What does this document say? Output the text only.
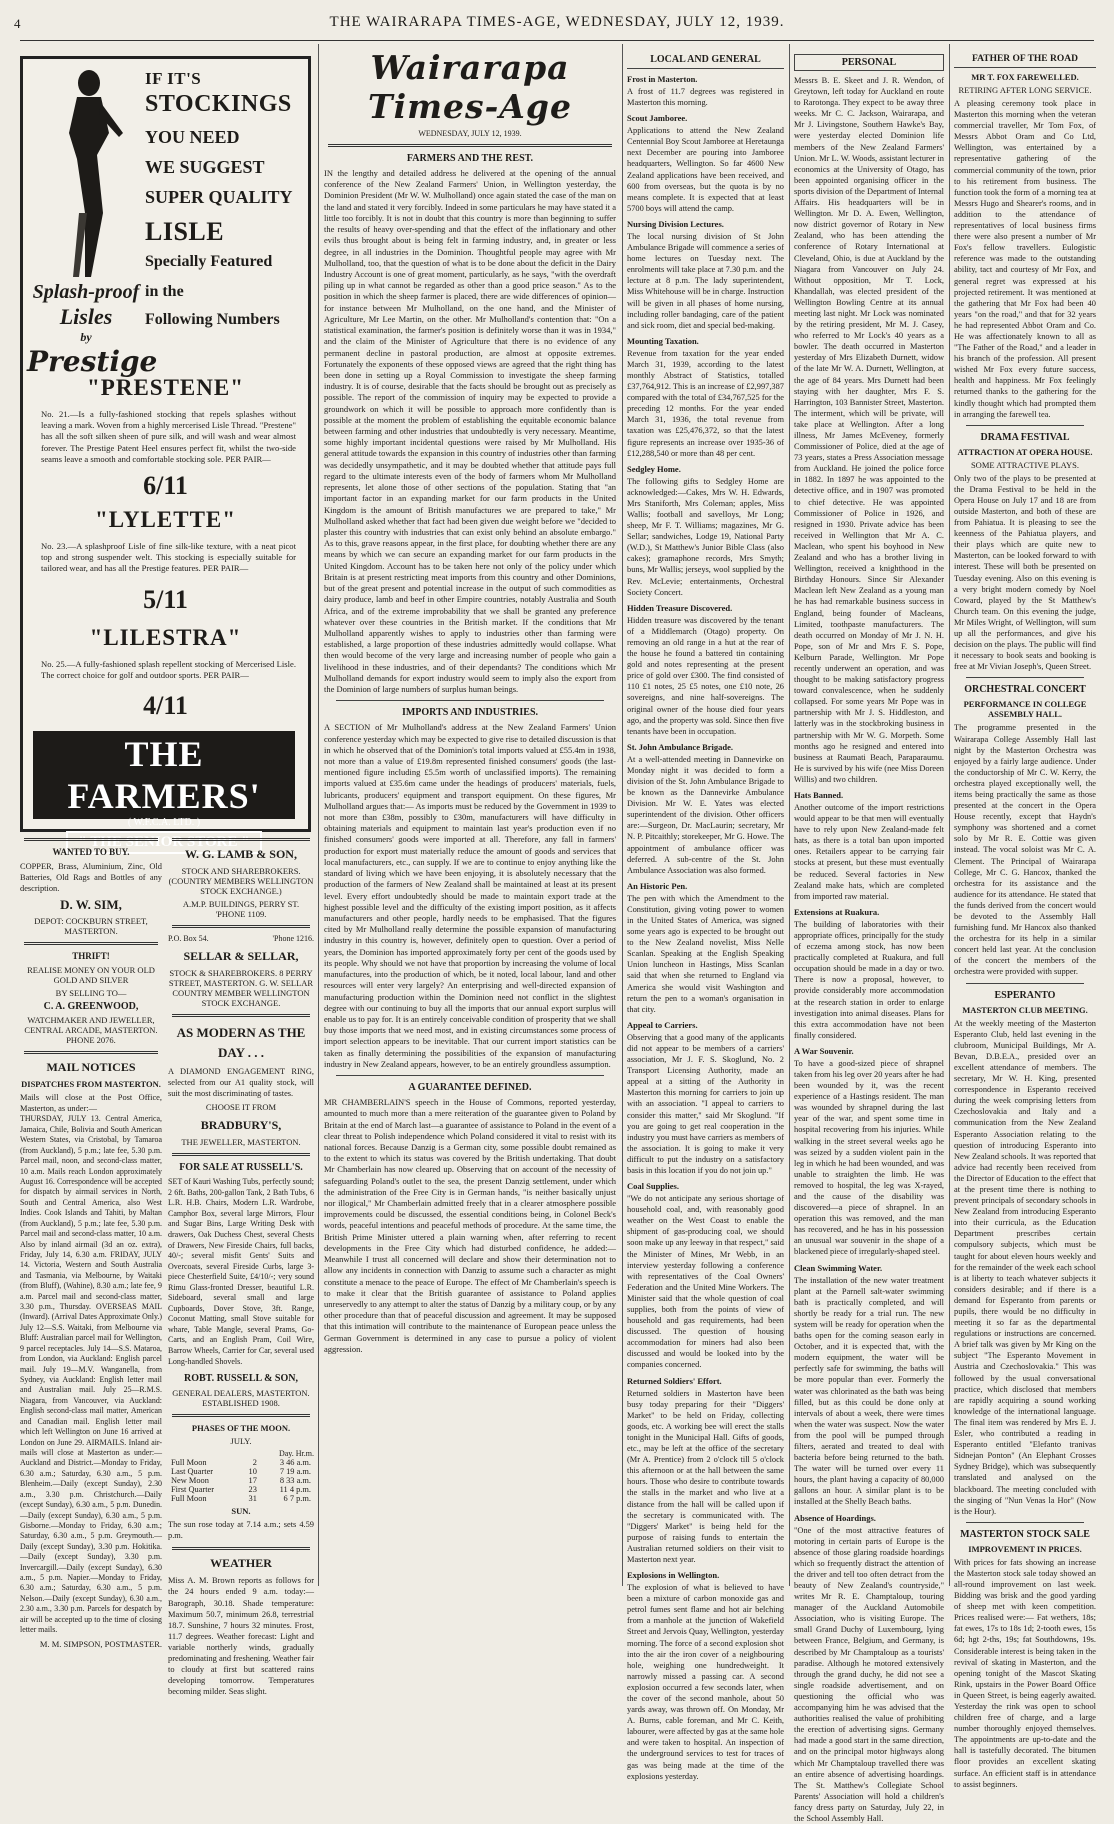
4	THE WAIRARAPA TIMES-AGE, WEDNESDAY, JULY 12, 1939.
IF IT'S
STOCKINGS
YOU NEED
WE SUGGEST
SUPER QUALITY
LISLE
Specially Featured
in the
Following Numbers
Splash-proof
Lisles
by
Prestige
"PRESTENE"
No. 21.—Is a fully-fashioned stocking that repels splashes without leaving a mark. Woven from a highly mercerised Lisle Thread. "Prestene" has all the soft silken sheen of pure silk, and will wash and wear almost forever. The Prestige Patent Heel ensures perfect fit, whilst the two-side seams leave a smooth and comfortable stocking sole. PER PAIR—
6/11
"LYLETTE"
No. 23.—A splashproof Lisle of fine silk-like texture, with a neat picot top and strong suspender welt. This stocking is especially suitable for tailored wear, and has all the Prestige features. PER PAIR—
5/11
"LILESTRA"
No. 25.—A fully-fashioned splash repellent stocking of Mercerised Lisle. The correct choice for golf and outdoor sports. PER PAIR—
4/11
THE FARMERS'
( W.F.C.A. LTD. )
" THE SENIOR STORE "
WANTED TO BUY.

COPPER, Brass, Aluminium, Zinc, Old Batteries, Old Rags and Bottles of any description.

D. W. SIM,
DEPOT: COCKBURN STREET, MASTERTON.
THRIFT!
REALISE MONEY ON YOUR OLD GOLD AND SILVER
BY SELLING TO—
C. A. GREENWOOD,
WATCHMAKER AND JEWELLER, CENTRAL ARCADE, MASTERTON. PHONE 2076.
MAIL NOTICES
DISPATCHES FROM MASTERTON.

Mails will close at the Post Office, Masterton, as under:—

THURSDAY, JULY 13. Central America, Jamaica, Chile, Bolivia and South American Western States, via Cristobal, by Tamaroa (from Auckland), 5 p.m.; late fee, 5.30 p.m. Parcel mail, noon, and second-class matter, 10 a.m. Mails reach London approximately August 16. Correspondence will be accepted for dispatch by airmail services in North, South and Central America, also West Indies. Cook Islands and Tahiti, by Maltan (from Auckland), 5 p.m.; late fee, 5.30 p.m. Parcel mail and second-class matter, 10 a.m. Also by inland airmail (3d an oz. extra), Friday, July 14, 6.30 a.m. FRIDAY, JULY 14. Victoria, Western and South Australia and Tasmania, via Melbourne, by Waitaki (from Bluff), (Wahine), 8.30 a.m.; late fee, 9 a.m. Parcel mail and second-class matter, 3.30 p.m., Thursday. OVERSEAS MAIL (Inward). (Arrival Dates Approximate Only.) July 12—S.S. Waitaki, from Melbourne via Bluff: Australian parcel mail for Wellington, 9 parcel receptacles. July 14—S.S. Mataroa, from London, via Auckland: English parcel mail. July 19—M.V. Wanganella, from Sydney, via Auckland: English letter mail and Australian mail. July 25—R.M.S. Niagara, from Vancouver, via Auckland: English second-class mail matter, American and Canadian mail. English letter mail which left Wellington on June 16 arrived at London on June 29. AIRMAILS. Inland air-mails will close at Masterton as under:— Auckland and District.—Monday to Friday, 6.30 a.m.; Saturday, 6.30 a.m., 5 p.m. Blenheim.—Daily (except Sunday), 2.30 a.m., 3.30 p.m. Christchurch.—Daily (except Sunday), 6.30 a.m., 5 p.m. Dunedin.—Daily (except Sunday), 6.30 a.m., 5 p.m. Gisborne.—Monday to Friday, 6.30 a.m.; Saturday, 6.30 a.m., 5 p.m. Greymouth.—Daily (except Sunday), 3.30 p.m. Hokitika.—Daily (except Sunday), 3.30 p.m. Invercargill.—Daily (except Sunday), 6.30 a.m., 5 p.m. Napier.—Monday to Friday, 6.30 a.m.; Saturday, 6.30 a.m., 5 p.m. Nelson.—Daily (except Sunday), 6.30 a.m., 2.30 a.m., 3.30 p.m. Parcels for despatch by air will be accepted up to the time of closing letter mails.

M. M. SIMPSON, POSTMASTER.
W. G. LAMB & SON,
STOCK AND SHAREBROKERS. (COUNTRY MEMBERS WELLINGTON STOCK EXCHANGE.)
A.M.P. BUILDINGS, PERRY ST. 'PHONE 1109.
P.O. Box 54.	'Phone 1216.
SELLAR & SELLAR,
STOCK & SHAREBROKERS. 8 PERRY STREET, MASTERTON. G. W. SELLAR COUNTRY MEMBER WELLINGTON STOCK EXCHANGE.
AS MODERN AS THE DAY . . .

A DIAMOND ENGAGEMENT RING, selected from our A1 quality stock, will suit the most discriminating of tastes.

CHOOSE IT FROM
BRADBURY'S,
THE JEWELLER, MASTERTON.
FOR SALE AT RUSSELL'S.

SET of Kauri Washing Tubs, perfectly sound; 2 6ft. Baths, 200-gallon Tank, 2 Bath Tubs, 6 L.R. H.B. Chairs, Modern L.R. Wardrobe, Camphor Box, several large Mirrors, Flour and Sugar Bins, Large Writing Desk with drawers, Oak Duchess Chest, several Chests of Drawers, New Fireside Chairs, full backs, 40/-; several misfit Gents' Suits and Overcoats, several Fireside Curbs, large 3-piece Chesterfield Suite, £4/10/-; very sound Rimu Glass-fronted Dresser, beautiful L.R. Sideboard, several small and large Cupboards, Dover Stove, 3ft. Range, Coconut Matting, small Stove suitable for whare, Table Mangle, several Prams, Go-Carts, and an English Pram, Coil Wire, Barrow Wheels, Carrier for Car, several used Long-handled Shovels.

ROBT. RUSSELL & SON,
GENERAL DEALERS, MASTERTON. ESTABLISHED 1908.
PHASES OF THE MOON.
JULY.
Day. Hr.m.
Full Moon	2	3 46 a.m.
Last Quarter	10	7 19 a.m.
New Moon	17	8 33 a.m.
First Quarter	23	11 4 p.m.
Full Moon	31	6 7 p.m.
SUN.

The sun rose today at 7.14 a.m.; sets 4.59 p.m.

WEATHER

Miss A. M. Brown reports as follows for the 24 hours ended 9 a.m. today:— Barograph, 30.18. Shade temperature: Maximum 50.7, minimum 26.8, terrestrial 18.7. Sunshine, 7 hours 32 minutes. Frost, 11.7 degrees. Weather forecast: Light and variable northerly winds, gradually predominating and freshening. Weather fair to cloudy at first but scattered rains developing tomorrow. Temperatures becoming milder. Seas slight.

Wairarapa Times-Age
WEDNESDAY, JULY 12, 1939.
FARMERS AND THE REST.

IN the lengthy and detailed address he delivered at the opening of the annual conference of the New Zealand Farmers' Union, in Wellington yesterday, the Dominion President (Mr W. W. Mulholland) once again stated the case of the man on the land and stated it very forcibly. Indeed in some particulars he may have stated it a little too forcibly. It is not in doubt that this country is more than beginning to suffer the results of heavy over-spending and that the effect of the inflationary and other evils thus brought about is being felt in farming industry, and, in greater or less degree, in all industries in the Dominion. Thoughtful people may agree with Mr Mulholland, too, that the question of what is to be done about the deficit in the Dairy Industry Account is one of great moment, particularly, as he says, "with the overdraft piling up in what cannot be regarded as other than a good price season." As to the position in which the sheep farmer is placed, there are wide differences of opinion—for instance between Mr Mulholland, on the one hand, and the Minister of Agriculture, Mr Lee Martin, on the other. Mr Mulholland's contention that: "On a statistical examination, the farmer's position is definitely worse than it was in 1934," and the claim of the Minister of Agriculture that there is no evidence of any permanent decline in pastoral production, are almost at opposite extremes. Fortunately the exponents of these opposed views are agreed that the right thing has been done in setting up a Royal Commission to investigate the sheep farming industry. It is of course, desirable that the facts should be brought out as precisely as possible. The report of the commission of inquiry may be expected to provide a groundwork on which it will be possible to approach more confidently than is possible at the moment the problem of establishing the equitable economic balance between farming and other industries that undoubtedly is very necessary. Meantime, some highly important incidental questions were raised by Mr Mulholland. His general attitude towards the expansion in this country of industries other than farming was decidedly unsympathetic, and it may be doubted whether that attitude pays full regard to the ultimate interests even of the body of farmers whom Mr Mulholland represents, let alone those of other sections of the population. Stating that "an important factor in an expanding market for our farm products in the United Kingdom is the amount of British manufactures we are prepared to take," Mr Mulholland asked whether that fact had been given due weight before we "decided to plaster this country with industries that can exist only behind an absolute embargo." As to this, grave reasons appear, in the first place, for doubting whether there are any means by which we can secure an expanding market for our farm products in the United Kingdom. Account has to be taken here not only of the policy under which Britain is at present restricting meat imports from this country and other Dominions, but of the great present and potential increase in the output of such commodities as dairy produce, lamb and beef in other Empire countries, notably Australia and South Africa, and of the extreme improbability that we shall be granted any preference whatever over these countries in the British market. If the conditions that Mr Mulholland apparently wishes to apply to industries other than farming were established, a large proportion of these industries admittedly would collapse. What then would become of the very large and increasing number of people who gain a livelihood in these industries, and of their dependants? The conditions which Mr Mulholland demands for export industry would seem to imply also the export from the Dominion of large numbers of surplus human beings.

IMPORTS AND INDUSTRIES.

A SECTION of Mr Mulholland's address at the New Zealand Farmers' Union conference yesterday which may be expected to give rise to detailed discussion is that in which he observed that of the Dominion's total imports valued at £55.4m in 1938, not more than a value of £19.8m represented finished consumers' goods (the last-mentioned figure including £5.5m worth of unclassified imports). The remaining imports valued at £35.6m came under the headings of producers' materials, fuels, lubricants, producers' equipment and transport equipment. On these figures, Mr Mulholland argues that:— As imports must be reduced by the Government in 1939 to not more than £38m, possibly to £30m, manufacturers will have difficulty in obtaining materials and equipment to maintain last year's production even if no finished consumers' goods were imported at all. Therefore, any fall in farmers' production for export must materially reduce the amount of goods and services that local manufacturers, etc., can supply. If we are to continue to enjoy anything like the standard of living which we have been enjoying, it is absolutely necessary that the production of the farmers of New Zealand shall be maintained at least at its present level. Every effort undoubtedly should be made to maintain export trade at the highest possible level and the difficulty of the existing import position, as it affects manufacturers and other people, hardly needs to be emphasised. That the figures cited by Mr Mulholland really determine the possible expansion of manufacturing industry in this country is, however, definitely open to question. Over a period of years, the Dominion has imported approximately forty per cent of the goods used by its people. Why should we not have that proportion by increasing the volume of local manufactures, into the production of which, be it noted, local labour, land and other resources will enter very largely? An enterprising and well-directed expansion of manufacturing production within the Dominion need not conflict in the slightest degree with our continuing to buy all the imports that our annual export surplus will enable us to pay for. It is an entirely conceivable condition of prosperity that we shall buy those imports that we need most, and in existing circumstances some process of import selection appears to be inevitable. That our current import statistics can be taken as finally determining the possibilities of the expansion of manufacturing industry in New Zealand appears, however, to be an entirely groundless assumption.

A GUARANTEE DEFINED.

MR CHAMBERLAIN'S speech in the House of Commons, reported yesterday, amounted to much more than a mere reiteration of the guarantee given to Poland by Britain at the end of March last—a guarantee of assistance to Poland in the event of a clear threat to Polish independence which Poland considered it vital to resist with its national forces. Because Danzig is a German city, some possible doubt remained as to the extent to which its status was covered by the British undertaking. That doubt Mr Chamberlain has now cleared up. Observing that on account of the necessity of safeguarding Poland's outlet to the sea, the present Danzig settlement, under which the administration of the Free City is in German hands, "is neither basically unjust nor illogical," Mr Chamberlain admitted freely that in a clearer atmosphere possible improvements could be discussed, the essential conditions being, in Colonel Beck's words, peaceful intentions and peaceful methods of procedure. At the same time, the British Prime Minister uttered a plain warning when, after referring to recent developments in the Free City which had disturbed confidence, he added:— Meanwhile I trust all concerned will declare and show their determination not to allow any incidents in connection with Danzig to assume such a character as might constitute a menace to the peace of Europe. The effect of Mr Chamberlain's speech is to make it clear that the British guarantee of assistance to Poland applies unreservedly to any attempt to alter the status of Danzig by a military coup, or by any other procedure than that of peaceful discussion and agreement. It may be supposed that this intimation will contribute to the maintenance of European peace unless the German Government is determined in any case to pursue a policy of violent aggression.

LOCAL AND GENERAL
Frost in Masterton.

A frost of 11.7 degrees was registered in Masterton this morning.

Scout Jamboree.

Applications to attend the New Zealand Centennial Boy Scout Jamboree at Heretaunga next December are pouring into Jamboree headquarters, Wellington. So far 4600 New Zealand applications have been received, and 600 from overseas, but the quota is by no means complete. It is expected that at least 5700 boys will attend the camp.

Nursing Division Lectures.

The local nursing division of St John Ambulance Brigade will commence a series of home lectures on Tuesday next. The enrolments will take place at 7.30 p.m. and the lecture at 8 p.m. The lady superintendent, Miss Whitehouse will be in charge. Instruction will be given in all phases of home nursing, including roller bandaging, care of the patient and sick room, diet and special bed-making.

Mounting Taxation.

Revenue from taxation for the year ended March 31, 1939, according to the latest monthly Abstract of Statistics, totalled £37,764,912. This is an increase of £2,997,387 compared with the total of £34,767,525 for the preceding 12 months. For the year ended March 31, 1936, the total revenue from taxation was £25,476,372, so that the latest figure represents an increase over 1935-36 of £12,288,540 or more than 48 per cent.

Sedgley Home.

The following gifts to Sedgley Home are acknowledged:—Cakes, Mrs W. H. Edwards, Mrs Staniforth, Mrs Coleman; apples, Miss Wallis; football and savelloys, Mr Long; sheep, Mr F. T. Williams; magazines, Mr G. Sellar; sandwiches, Lodge 19, National Party (W.D.), St Matthew's Junior Bible Class (also cakes); gramaphone records, Mrs Smyth; buns, Mr Wallis; jerseys, wool supplied by the Rev. McLevie; entertainments, Orchestral Society Concert.

Hidden Treasure Discovered.

Hidden treasure was discovered by the tenant of a Middlemarch (Otago) property. On removing an old range in a hut at the rear of the house he found a battered tin containing gold and notes representing at the present price of gold over £300. The find consisted of 110 £1 notes, 25 £5 notes, one £10 note, 26 sovereigns, and nine half-sovereigns. The original owner of the house died four years ago, and the property was sold. Since then five tenants have been in occupation.

St. John Ambulance Brigade.

At a well-attended meeting in Dannevirke on Monday night it was decided to form a division of the St. John Ambulance Brigade to be known as the Dannevirke Ambulance Division. Mr W. E. Yates was elected superintendent of the division. Other officers are:—Surgeon, Dr. MacLaurin; secretary, Mr N. P. Pitcaithly; storekeeper, Mr G. Howe. The appointment of ambulance officer was deferred. A sub-centre of the St. John Ambulance Association was also formed.

An Historic Pen.

The pen with which the Amendment to the Constitution, giving voting power to women in the United States of America, was signed some years ago is expected to be brought out to the New Zealand novelist, Miss Nelle Scanlan. Speaking at the English Speaking Union luncheon in Hastings, Miss Scanlan said that when she returned to England via America she would visit Washington and return the pen to a woman's organisation in that city.

Appeal to Carriers.

Observing that a good many of the applicants did not appear to be members of a carriers' association, Mr J. F. S. Skoglund, No. 2 Transport Licensing Authority, made an appeal at a sitting of the Authority in Masterton this morning for carriers to join up with an association. "I appeal to carriers to consider this matter," said Mr Skoglund. "If you are going to get real cooperation in the industry you must have carriers as members of the association. It is going to make it very difficult to put the industry on a satisfactory basis in this location if you do not join up."

Coal Supplies.

"We do not anticipate any serious shortage of household coal, and, with reasonably good weather on the West Coast to enable the shipment of gas-producing coal, we should soon make up any leeway in that respect," said the Minister of Mines, Mr Webb, in an interview yesterday following a conference with representatives of the Coal Owners' Federation and the United Mine Workers. The Minister said that the whole question of coal supplies, both from the points of view of household and gas requirements, had been discussed. The question of housing accommodation for miners had also been discussed and would be looked into by the companies concerned.

Returned Soldiers' Effort.

Returned soldiers in Masterton have been busy today preparing for their "Diggers' Market" to be held on Friday, collecting goods, etc. A working bee will erect the stalls tonight in the Municipal Hall. Gifts of goods, etc., may be left at the office of the secretary (Mr A. Prentice) from 2 o'clock till 5 o'clock this afternoon or at the hall between the same hours. Those who desire to contribute towards the stalls in the market and who live at a distance from the hall will be called upon if the secretary is communicated with. The "Diggers' Market" is being held for the purpose of raising funds to entertain the Australian returned soldiers on their visit to Masterton next year.

Explosions in Wellington.

The explosion of what is believed to have been a mixture of carbon monoxide gas and petrol fumes sent flame and hot air belching from a manhole at the junction of Wakefield Street and Jervois Quay, Wellington, yesterday morning. The force of a second explosion shot into the air the iron cover of a neighbouring hole, weighing one hundredweight. It narrowly missed a passing car. A second explosion occurred a few seconds later, when the cover of the second manhole, about 50 yards away, was thrown off. On Monday, Mr A. Burns, cable foreman, and Mr C. Keith, labourer, were affected by gas at the same hole and were taken to hospital. An inspection of the underground services to test for traces of gas was being made at the time of the explosions yesterday.

PERSONAL

Messrs B. E. Skeet and J. R. Wendon, of Greytown, left today for Auckland en route to Rarotonga. They expect to be away three weeks. Mr C. C. Jackson, Wairarapa, and Mr J. Livingstone, Southern Hawke's Bay, were yesterday elected Dominion life members of the New Zealand Farmers' Union. Mr L. W. Woods, assistant lecturer in economics at the University of Otago, has been appointed organising officer in the sports division of the Department of Internal Affairs. His headquarters will be in Wellington. Mr D. A. Ewen, Wellington, now district governor of Rotary in New Zealand, who has been attending the conference of Rotary International at Cleveland, Ohio, is due at Auckland by the Niagara from Vancouver on July 24. Without opposition, Mr T. Lock, Khandallah, was elected president of the Wellington Bowling Centre at its annual meeting last night. Mr Lock was nominated by the retiring president, Mr M. J. Casey, who referred to Mr Lock's 40 years as a bowler. The death occurred in Masterton yesterday of Mrs Elizabeth Durnett, widow of the late Mr W. A. Durnett, Wellington, at the age of 84 years. Mrs Durnett had been staying with her daughter, Mrs F. S. Harrington, 103 Bannister Street, Masterton. The interment, which will be private, will take place at Wellington. After a long illness, Mr James McEveney, formerly Commissioner of Police, died at the age of 73 years, states a Press Association message from Auckland. He joined the police force in 1882. In 1897 he was appointed to the detective office, and in 1907 was promoted to chief detective. He was appointed Commissioner of Police in 1926, and resigned in 1930. Private advice has been received in Wellington that Mr A. C. Maclean, who spent his boyhood in New Zealand and who has a brother living in Wellington, received a knighthood in the Birthday Honours. Since Sir Alexander Maclean left New Zealand as a young man he has had remarkable business success in England, being founder of Macleans, Limited, toothpaste manufacturers. The death occurred on Monday of Mr J. N. H. Pope, son of Mr and Mrs F. S. Pope, Kelburn Parade, Wellington. Mr Pope recently underwent an operation, and was thought to be making satisfactory progress toward convalescence, when he suddenly collapsed. For some years Mr Pope was in partnership with Mr J. S. Hiddleston, and latterly was in the stockbroking business in partnership with Mr W. G. Morpeth. Some months ago he resigned and entered into business at Raumati Beach, Paraparaumu. He is survived by his wife (nee Miss Doreen Willis) and two children.

Hats Banned.

Another outcome of the import restrictions would appear to be that men will eventually have to rely upon New Zealand-made felt hats, as there is a total ban upon imported ones. Retailers appear to be carrying fair stocks at present, but these must eventually be reduced. Several factories in New Zealand make hats, which are completed from imported raw material.

Extensions at Ruakura.

The building of laboratories with their appropriate offices, principally for the study of eczema among stock, has now been practically completed at Ruakura, and full occupation should be made in a day or two. There is now a proposal, however, to provide considerably more accommodation at the research station in order to enlarge investigation into animal diseases. Plans for this extra accommodation have not been finally considered.

A War Souvenir.

To have a good-sized piece of shrapnel taken from his leg over 20 years after he had been wounded by it, was the recent experience of a Hastings resident. The man was wounded by shrapnel during the last year of the war, and spent some time in hospital recovering from his injuries. While walking in the street several weeks ago he was seized by a sudden violent pain in the leg in which he had been wounded, and was unable to straighten the limb. He was removed to hospital, the leg was X-rayed, and the cause of the disability was discovered—a piece of shrapnel. In an operation this was removed, and the man has recovered, and he has in his possession an unusual war souvenir in the shape of a blackened piece of irregularly-shaped steel.

Clean Swimming Water.

The installation of the new water treatment plant at the Parnell salt-water swimming bath is practically completed, and will shortly be ready for a trial run. The new system will be ready for operation when the baths open for the coming season early in October, and it is expected that, with the modern equipment, the water will be perfectly safe for swimming, the baths will be more popular than ever. Formerly the water was chlorinated as the bath was being filled, but as this could be done only at intervals of about a week, there were times when the water was suspect. Now the water from the pool will be pumped through filters, aerated and treated to deal with bacteria before being returned to the bath. The water will be turned over every 11 hours, the plant having a capacity of 80,000 gallons an hour. A similar plant is to be installed at the Shelly Beach baths.

Absence of Hoardings.

"One of the most attractive features of motoring in certain parts of Europe is the absence of those glaring roadside hoardings which so frequently distract the attention of the driver and tell too often detract from the beauty of New Zealand's countryside," writes Mr R. E. Champtaloup, touring manager of the Auckland Automobile Association, who is visiting Europe. The small Grand Duchy of Luxembourg, lying between France, Belgium, and Germany, is described by Mr Champtaloup as a tourists' paradise. Although he motored extensively through the grand duchy, he did not see a single roadside advertisement, and on questioning the official who was accompanying him he was advised that the authorities realised the value of prohibiting the erection of advertising signs. Germany had made a good start in the same direction, and on the principal motor highways along which Mr Champtaloup travelled there was an entire absence of advertising hoardings. The St. Matthew's Collegiate School Parents' Association will hold a children's fancy dress party on Saturday, July 22, in the School Assembly Hall.

FATHER OF THE ROAD
MR T. FOX FAREWELLED.
RETIRING AFTER LONG SERVICE.

A pleasing ceremony took place in Masterton this morning when the veteran commercial traveller, Mr Tom Fox, of Messrs Abbot Oram and Co Ltd, Wellington, was entertained by a representative gathering of the commercial community of the town, prior to his retirement from business. The function took the form of a morning tea at Messrs Hugo and Shearer's rooms, and in addition to the attendance of representatives of local business firms there were also present a number of Mr Fox's fellow travellers. Eulogistic reference was made to the outstanding ability, tact and courtesy of Mr Fox, and general regret was expressed at his projected retirement. It was mentioned at the gathering that Mr Fox had been 40 years "on the road," and that for 32 years he had represented Abbot Oram and Co. He was affectionately known to all as "The Father of the Road," and a leader in his branch of the profession. All present wished Mr Fox every future success, health and happiness. Mr Fox feelingly returned thanks to the gathering for the kindly thought which had prompted them in arranging the farewell tea.

DRAMA FESTIVAL
ATTRACTION AT OPERA HOUSE.
SOME ATTRACTIVE PLAYS.

Only two of the plays to be presented at the Drama Festival to be held in the Opera House on July 17 and 18 are from outside Masterton, and both of these are from Pahiatua. It is pleasing to see the keenness of the Pahiatua players, and their plays which are quite new to Masterton, can be looked forward to with interest. These will both be presented on Tuesday evening. Also on this evening is a very bright modern comedy by Noel Coward, played by the St Matthew's Church team. On this evening the judge, Mr Miles Wright, of Wellington, will sum up all the performances, and give his decision on the plays. The public will find it necessary to book seats and booking is free at Mr Vivian Joseph's, Queen Street.

ORCHESTRAL CONCERT
PERFORMANCE IN COLLEGE ASSEMBLY HALL.

The programme presented in the Wairarapa College Assembly Hall last night by the Masterton Orchestra was enjoyed by a fairly large audience. Under the conductorship of Mr C. W. Kerry, the orchestra played exceptionally well, the items being practically the same as those presented at the concert in the Opera House recently, except that Haydn's symphony was shortened and a cornet solo by Mr R. E. Cottie was given instead. The vocal soloist was Mr C. A. Clement. The Principal of Wairarapa College, Mr C. G. Hancox, thanked the orchestra for its assistance and the audience for its attendance. He stated that the funds derived from the concert would be devoted to the Assembly Hall furnishing fund. Mr Hancox also thanked the orchestra for its help in a similar concert held last year. At the conclusion of the concert the members of the orchestra were provided with supper.

ESPERANTO
MASTERTON CLUB MEETING.

At the weekly meeting of the Masterton Esperanto Club, held last evening in the clubroom, Municipal Buildings, Mr A. Bevan, D.B.E.A., presided over an excellent attendance of members. The secretary, Mr W. H. King, presented correspondence in Esperanto received during the week comprising letters from Czechoslovakia and Italy and a communication from the New Zealand Esperanto Association relating to the question of introducing Esperanto into New Zealand schools. It was reported that advice had recently been received from the Director of Education to the effect that at the present time there is nothing to prevent principals of secondary schools in New Zealand from introducing Esperanto into their curricula, as the Education Department prescribes certain compulsory subjects, which must be taught for about eleven hours weekly and for the remainder of the week each school is at liberty to teach whatever subjects it considers desirable; and if there is a demand for Esperanto from parents or pupils, there would be no difficulty in meeting it so far as the departmental regulations or instructions are concerned. A brief talk was given by Mr King on the subject "The Esperanto Movement in Austria and Czechoslovakia." This was followed by the usual conversational practice, which disclosed that members are rapidly acquiring a sound working knowledge of the international language. The final item was rendered by Mrs E. J. Esler, who contributed a reading in Esperanto entitled "Elefanto tranivas Sidnejan Ponton" (An Elephant Crosses Sydney Bridge), which was subsequently translated and analysed on the blackboard. The meeting concluded with the singing of "Nun Venas la Hor" (Now is the Hour).

MASTERTON STOCK SALE
IMPROVEMENT IN PRICES.

With prices for fats showing an increase the Masterton stock sale today showed an all-round improvement on last week. Bidding was brisk and the good yarding of sheep met with keen competition. Prices realised were:— Fat wethers, 18s; fat ewes, 17s to 18s 1d; 2-tooth ewes, 15s 6d; hgt 2-ths, 19s; fat Southdowns, 19s. Considerable interest is being taken in the revival of skating in Masterton, and the opening tonight of the Mascot Skating Rink, upstairs in the Power Board Office in Queen Street, is being eagerly awaited. Yesterday the rink was open to school children free of charge, and a large number thoroughly enjoyed themselves. The appointments are up-to-date and the hall is tastefully decorated. The bitumen floor provides an excellent skating surface. An efficient staff is in attendance to assist beginners.
